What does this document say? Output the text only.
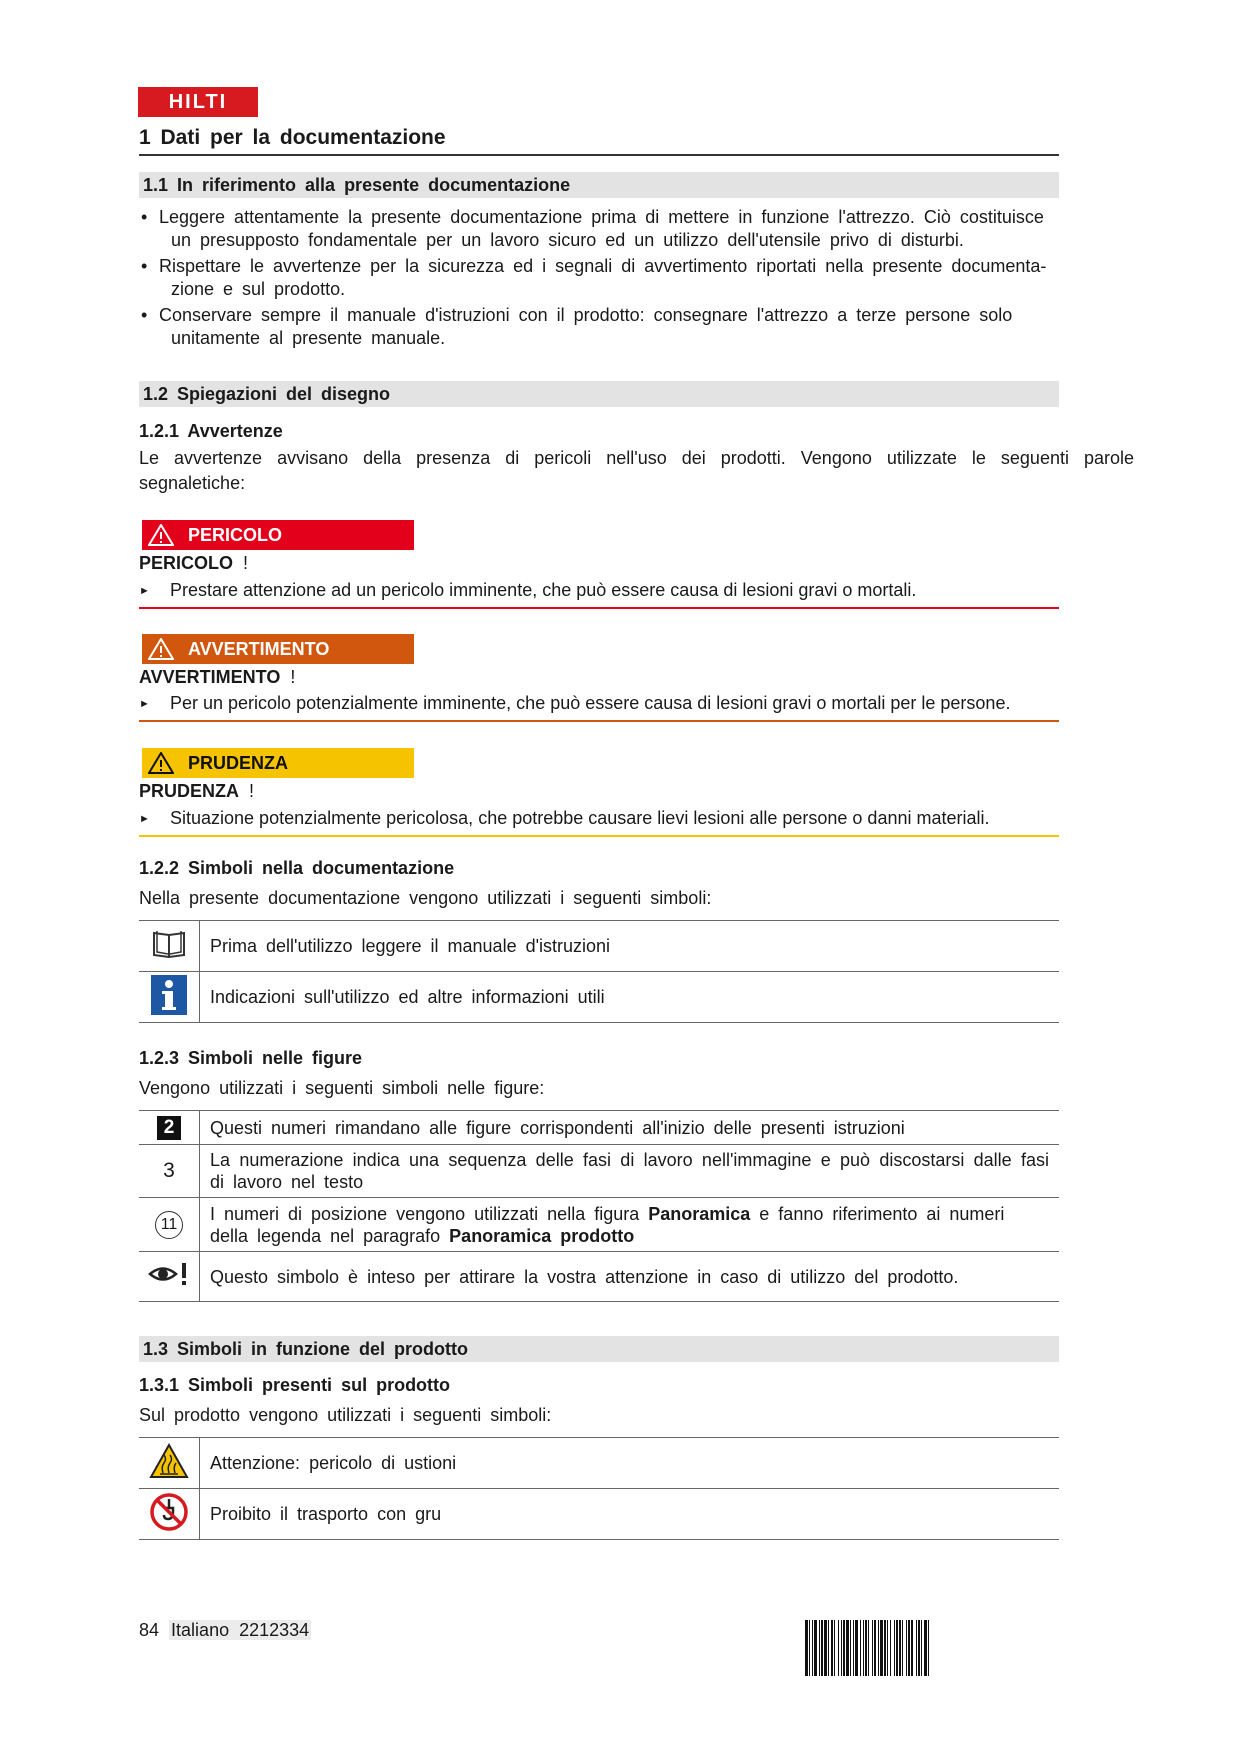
HILTI
1 Dati per la documentazione
1.1 In riferimento alla presente documentazione
• Leggere attentamente la presente documentazione prima di mettere in funzione l'attrezzo. Ciò costituisce
un presupposto fondamentale per un lavoro sicuro ed un utilizzo dell'utensile privo di disturbi.
• Rispettare le avvertenze per la sicurezza ed i segnali di avvertimento riportati nella presente documenta-
zione e sul prodotto.
• Conservare sempre il manuale d'istruzioni con il prodotto: consegnare l'attrezzo a terze persone solo
unitamente al presente manuale.
1.2 Spiegazioni del disegno
1.2.1 Avvertenze
Le avvertenze avvisano della presenza di pericoli nell'uso dei prodotti. Vengono utilizzate le seguenti parole segnaletiche:
PERICOLO
PERICOLO !
► Prestare attenzione ad un pericolo imminente, che può essere causa di lesioni gravi o mortali.
AVVERTIMENTO
AVVERTIMENTO !
► Per un pericolo potenzialmente imminente, che può essere causa di lesioni gravi o mortali per le persone.
PRUDENZA
PRUDENZA !
► Situazione potenzialmente pericolosa, che potrebbe causare lievi lesioni alle persone o danni materiali.
1.2.2 Simboli nella documentazione
Nella presente documentazione vengono utilizzati i seguenti simboli:
	Prima dell'utilizzo leggere il manuale d'istruzioni
	Indicazioni sull'utilizzo ed altre informazioni utili
1.2.3 Simboli nelle figure
Vengono utilizzati i seguenti simboli nelle figure:
2	Questi numeri rimandano alle figure corrispondenti all'inizio delle presenti istruzioni
3	La numerazione indica una sequenza delle fasi di lavoro nell'immagine e può discostarsi dalle fasi di lavoro nel testo
11	I numeri di posizione vengono utilizzati nella figura Panoramica e fanno riferimento ai numeri della legenda nel paragrafo Panoramica prodotto
	Questo simbolo è inteso per attirare la vostra attenzione in caso di utilizzo del prodotto.
1.3 Simboli in funzione del prodotto
1.3.1 Simboli presenti sul prodotto
Sul prodotto vengono utilizzati i seguenti simboli:
	Attenzione: pericolo di ustioni
	Proibito il trasporto con gru
84 Italiano 2212334
